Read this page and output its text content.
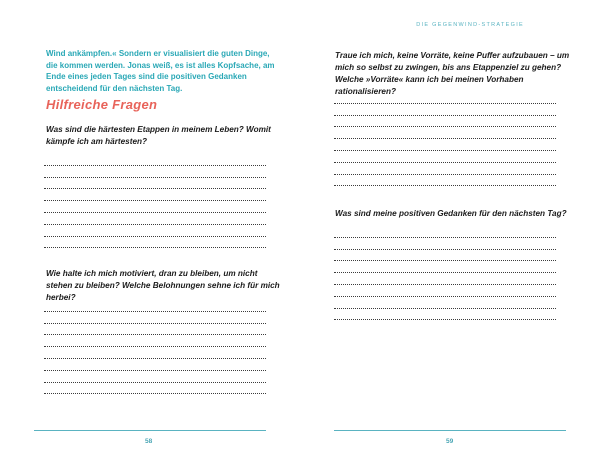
Wind ankämpfen.« Sondern er visualisiert die guten Dinge, die kommen werden. Jonas weiß, es ist alles Kopfsache, am Ende eines jeden Tages sind die positiven Gedanken entscheidend für den nächsten Tag.
Hilfreiche Fragen
Was sind die härtesten Etappen in meinem Leben? Womit kämpfe ich am härtesten?
Wie halte ich mich motiviert, dran zu bleiben, um nicht stehen zu bleiben? Welche Belohnungen sehne ich für mich herbei?
58
DIE GEGENWIND-STRATEGIE
Traue ich mich, keine Vorräte, keine Puffer aufzubauen – um mich so selbst zu zwingen, bis ans Etappenziel zu gehen? Welche »Vorräte« kann ich bei meinen Vorhaben rationalisieren?
Was sind meine positiven Gedanken für den nächsten Tag?
59
